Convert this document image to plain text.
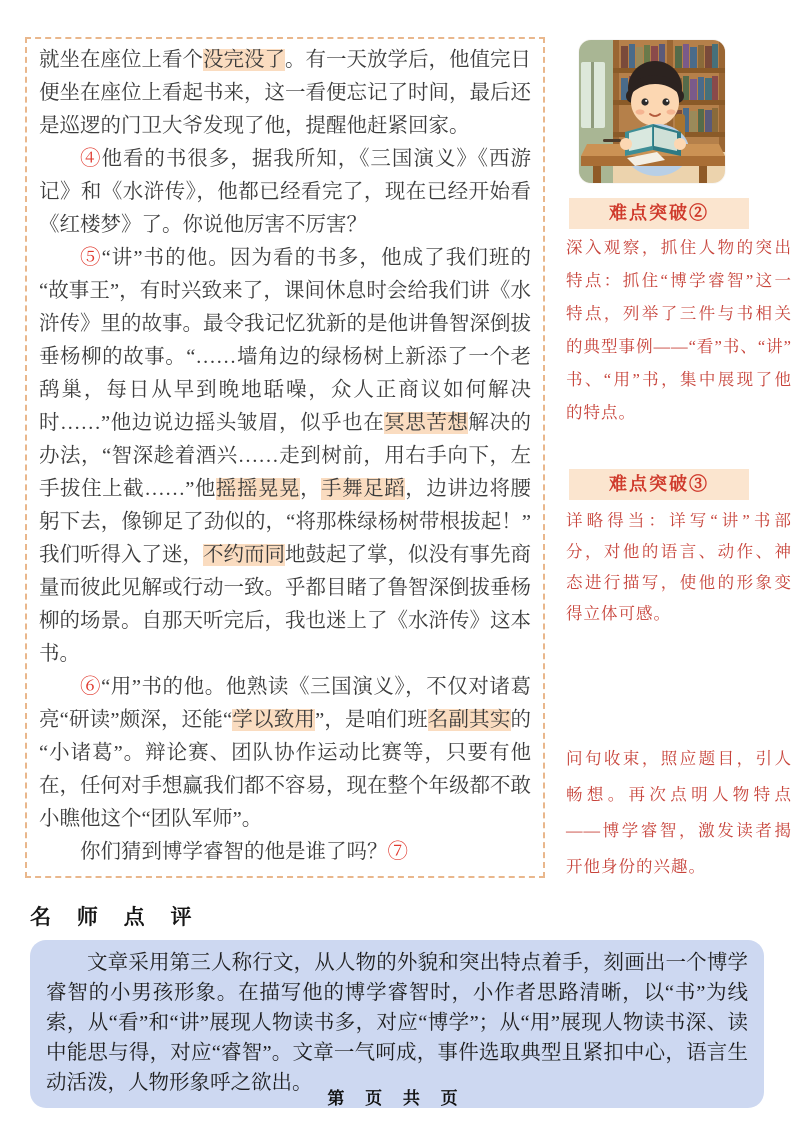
就坐在座位上看个没完没了。有一天放学后，他值完日便坐在座位上看起书来，这一看便忘记了时间，最后还是巡逻的门卫大爷发现了他，提醒他赶紧回家。

④他看的书很多，据我所知，《三国演义》《西游记》和《水浒传》，他都已经看完了，现在已经开始看《红楼梦》了。你说他厉害不厉害？

⑤“讲”书的他。因为看的书多，他成了我们班的“故事王”，有时兴致来了，课间休息时会给我们讲《水浒传》里的故事。最令我记忆犹新的是他讲鲁智深倒拔垂杨柳的故事。“……墙角边的绿杨树上新添了一个老鸹巢，每日从早到晚地聒噪，众人正商议如何解决时……”他边说边摇头皱眉，似乎也在冥思苦想解决的办法，“智深趁着酒兴……走到树前，用右手向下，左手拔住上截……”他摇摇晃晃，手舞足蹈，边讲边将腰躬下去，像铆足了劲似的，“将那株绿杨树带根拔起！”我们听得入了迷，不约而同地鼓起了掌，似没有事先商量而彼此见解或行动一致。乎都目睹了鲁智深倒拔垂杨柳的场景。自那天听完后，我也迷上了《水浒传》这本书。

⑥“用”书的他。他熟读《三国演义》，不仅对诸葛亮“研读”颇深，还能“学以致用”，是咱们班名副其实的“小诸葛”。辩论赛、团队协作运动比赛等，只要有他在，任何对手想赢我们都不容易，现在整个年级都不敢小瞧他这个“团队军师”。

你们猜到博学睿智的他是谁了吗？⑦

难点突破②
深入观察，抓住人物的突出特点：抓住“博学睿智”这一特点，列举了三件与书相关的典型事例——“看”书、“讲”书、“用”书，集中展现了他的特点。
难点突破③
详略得当：详写“讲”书部分，对他的语言、动作、神态进行描写，使他的形象变得立体可感。
问句收束，照应题目，引人畅想。再次点明人物特点——博学睿智，激发读者揭开他身份的兴趣。
名 师 点 评

文章采用第三人称行文，从人物的外貌和突出特点着手，刻画出一个博学睿智的小男孩形象。在描写他的博学睿智时，小作者思路清晰，以“书”为线索，从“看”和“讲”展现人物读书多，对应“博学”；从“用”展现人物读书深、读中能思与得，对应“睿智”。文章一气呵成，事件选取典型且紧扣中心，语言生动活泼，人物形象呼之欲出。

第 页 共 页
